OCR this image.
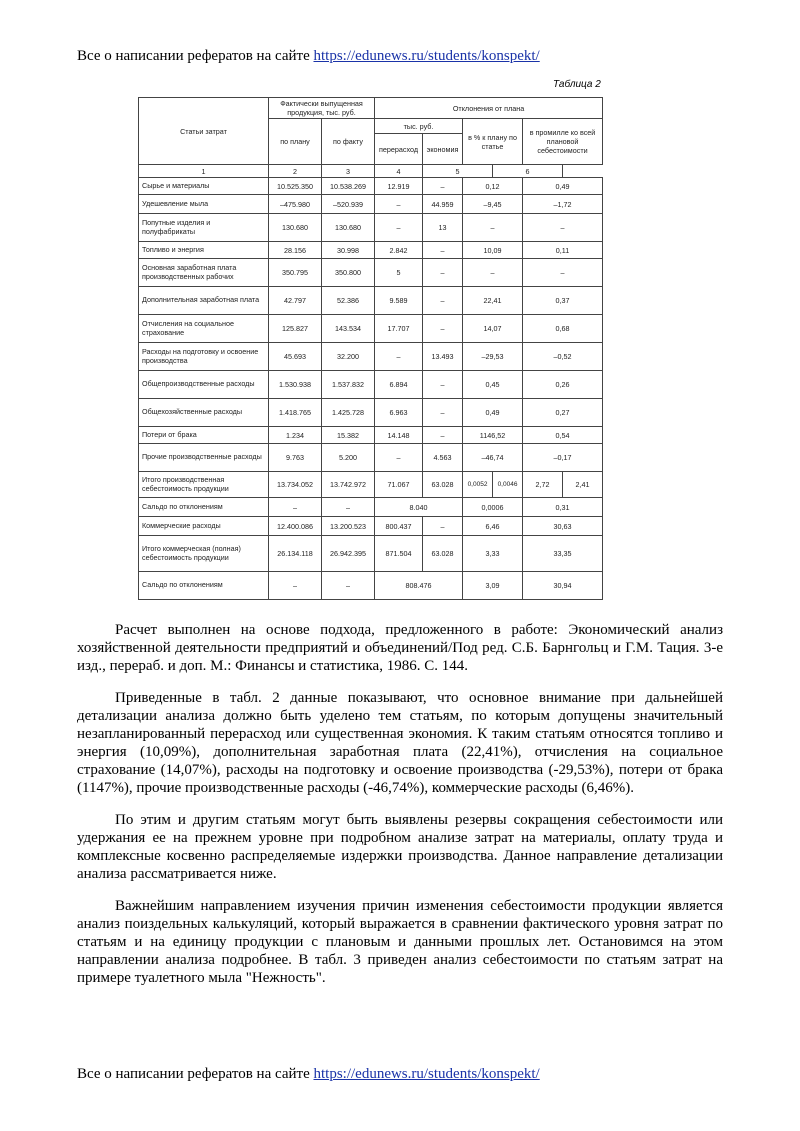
Все о написании рефератов на сайте https://edunews.ru/students/konspekt/
Таблица 2
Статьи затрат	Фактически выпущенная продукция, тыс. руб.		Отклонения от плана					
	по плану	по факту	тыс. руб.		в % к плану по статье		в промилле ко всей плановой себестоимости	
			перерасход	экономия				
1	2	3	4	5		6		
Сырье и материалы	10.525.350	10.538.269	12.919	–	0,12		0,49	
Удешевление мыла	–475.980	–520.939	–	44.959	–9,45		–1,72	
Попутные изделия и полуфабрикаты	130.680	130.680	–	13	–		–	
Топливо и энергия	28.156	30.998	2.842	–	10,09		0,11	
Основная заработная плата производственных рабочих	350.795	350.800	5	–	–		–	
Дополнительная заработная плата	42.797	52.386	9.589	–	22,41		0,37	
Отчисления на социальное страхование	125.827	143.534	17.707	–	14,07		0,68	
Расходы на подготовку и освоение производства	45.693	32.200	–	13.493	–29,53		–0,52	
Общепроизводственные расходы	1.530.938	1.537.832	6.894	–	0,45		0,26	
Общехозяйственные расходы	1.418.765	1.425.728	6.963	–	0,49		0,27	
Потери от брака	1.234	15.382	14.148	–	1146,52		0,54	
Прочие производственные расходы	9.763	5.200	–	4.563	–46,74		–0,17	
Итого производственная себестоимость продукции	13.734.052	13.742.972	71.067	63.028	0,0052	0,0046	2,72	2,41
Сальдо по отклонениям	–	–	8.040		0,0006		0,31	
Коммерческие расходы	12.400.086	13.200.523	800.437	–	6,46		30,63	
Итого коммерческая (полная) себестоимость продукции	26.134.118	26.942.395	871.504	63.028	3,33		33,35	
Сальдо по отклонениям	–	–	808.476		3,09		30,94	

Расчет выполнен на основе подхода, предложенного в работе: Экономический анализ хозяйственной деятельности предприятий и объединений/Под ред. С.Б. Барнгольц и Г.М. Тация. 3-е изд., перераб. и доп. М.: Финансы и статистика, 1986. С. 144.

Приведенные в табл. 2 данные показывают, что основное внимание при дальнейшей детализации анализа должно быть уделено тем статьям, по которым допущены значительный незапланированный перерасход или существенная экономия. К таким статьям относятся топливо и энергия (10,09%), дополнительная заработная плата (22,41%), отчисления на социальное страхование (14,07%), расходы на подготовку и освоение производства (-29,53%), потери от брака (1147%), прочие производственные расходы (-46,74%), коммерческие расходы (6,46%).

По этим и другим статьям могут быть выявлены резервы сокращения себестоимости или удержания ее на прежнем уровне при подробном анализе затрат на материалы, оплату труда и комплексные косвенно распределяемые издержки производства. Данное направление детализации анализа рассматривается ниже.

Важнейшим направлением изучения причин изменения себестоимости продукции является анализ поиздельных калькуляций, который выражается в сравнении фактического уровня затрат по статьям и на единицу продукции с плановым и данными прошлых лет. Остановимся на этом направлении анализа подробнее. В табл. 3 приведен анализ себестоимости по статьям затрат на примере туалетного мыла "Нежность".

Все о написании рефератов на сайте https://edunews.ru/students/konspekt/
